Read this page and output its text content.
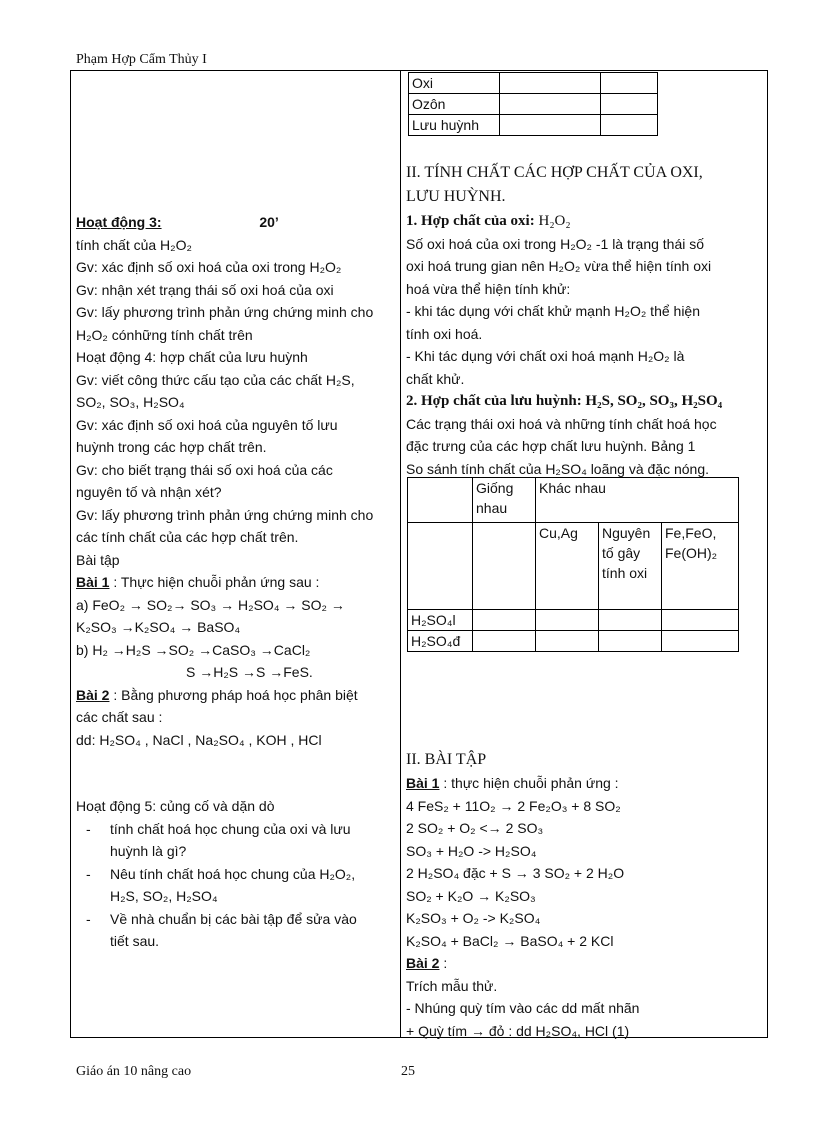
Phạm Hợp Cẩm Thủy I
Oxi		
Ozôn		
Lưu huỳnh		
Hoạt động 3:	20’
tính chất của H₂O₂
Gv: xác định số oxi hoá của oxi trong H₂O₂
Gv: nhận xét trạng thái số oxi hoá của oxi
Gv: lấy phương trình phản ứng chứng minh cho
H₂O₂ cónhững tính chất trên
Hoạt động 4: hợp chất của lưu huỳnh
Gv: viết công thức cấu tạo của các chất H₂S,
SO₂, SO₃, H₂SO₄
Gv: xác định số oxi hoá của nguyên tố lưu
huỳnh trong các hợp chất trên.
Gv: cho biết trạng thái số oxi hoá của các
nguyên tố và nhận xét?
Gv: lấy phương trình phản ứng chứng minh cho
các tính chất của các hợp chất trên.
Bài tập
Bài 1 : Thực hiện chuỗi phản ứng sau :
a) FeO₂ → SO₂→ SO₃ → H₂SO₄ → SO₂ →
K₂SO₃ →K₂SO₄ → BaSO₄
b) H₂ →H₂S →SO₂ →CaSO₃ →CaCl₂
S →H₂S →S →FeS.
Bài 2 : Bằng phương pháp hoá học phân biệt
các chất sau :
dd: H₂SO₄ , NaCl , Na₂SO₄ , KOH , HCl
Hoạt động 5: củng cố và dặn dò
- tính chất hoá học chung của oxi và lưu
huỳnh là gì?
- Nêu tính chất hoá học chung của H₂O₂,
H₂S, SO₂, H₂SO₄
- Về nhà chuẩn bị các bài tập để sửa vào
tiết sau.
II. TÍNH CHẤT CÁC HỢP CHẤT CỦA OXI,
LƯU HUỲNH.
1. Hợp chất của oxi: H₂O₂
Số oxi hoá của oxi trong H₂O₂ -1 là trạng thái số
oxi hoá trung gian nên H₂O₂ vừa thể hiện tính oxi
hoá vừa thể hiện tính khử:
- khi tác dụng với chất khử mạnh H₂O₂ thể hiện
tính oxi hoá.
- Khi tác dụng với chất oxi hoá mạnh H₂O₂ là
chất khử.
2. Hợp chất của lưu huỳnh: H₂S, SO₂, SO₃, H₂SO₄
Các trạng thái oxi hoá và những tính chất hoá học
đặc trưng của các hợp chất lưu huỳnh. Bảng 1
So sánh tính chất của H₂SO₄ loãng và đặc nóng.
	Giống nhau	Khác nhau		
		Cu,Ag	Nguyên tố gây tính oxi	Fe,FeO, Fe(OH)₂
H₂SO₄l				
H₂SO₄đ				
II. BÀI TẬP
Bài 1 : thực hiện chuỗi phản ứng :
4 FeS₂ + 11O₂ → 2 Fe₂O₃ + 8 SO₂
2 SO₂ + O₂ <→ 2 SO₃
SO₃ + H₂O -> H₂SO₄
2 H₂SO₄ đặc + S → 3 SO₂ + 2 H₂O
SO₂ + K₂O → K₂SO₃
K₂SO₃ + O₂ -> K₂SO₄
K₂SO₄ + BaCl₂ → BaSO₄ + 2 KCl
Bài 2 :
Trích mẫu thử.
- Nhúng quỳ tím vào các dd mất nhãn
+ Quỳ tím → đỏ : dd H₂SO₄, HCl (1)
Giáo án 10 nâng cao	25
